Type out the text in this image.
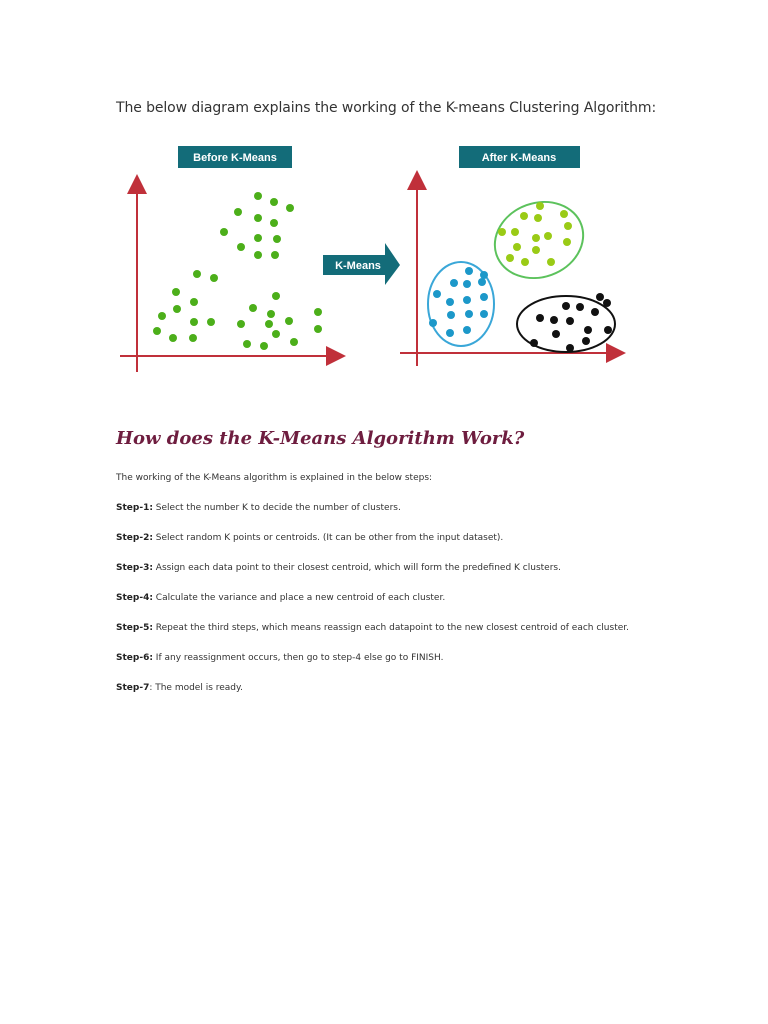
The below diagram explains the working of the K-means Clustering Algorithm:
Before K-Means
K-Means
After K-Means
How does the K-Means Algorithm Work?
The working of the K-Means algorithm is explained in the below steps:
Step-1: Select the number K to decide the number of clusters.
Step-2: Select random K points or centroids. (It can be other from the input dataset).
Step-3: Assign each data point to their closest centroid, which will form the predefined K clusters.
Step-4: Calculate the variance and place a new centroid of each cluster.
Step-5: Repeat the third steps, which means reassign each datapoint to the new closest centroid of each cluster.
Step-6: If any reassignment occurs, then go to step-4 else go to FINISH.
Step-7: The model is ready.
